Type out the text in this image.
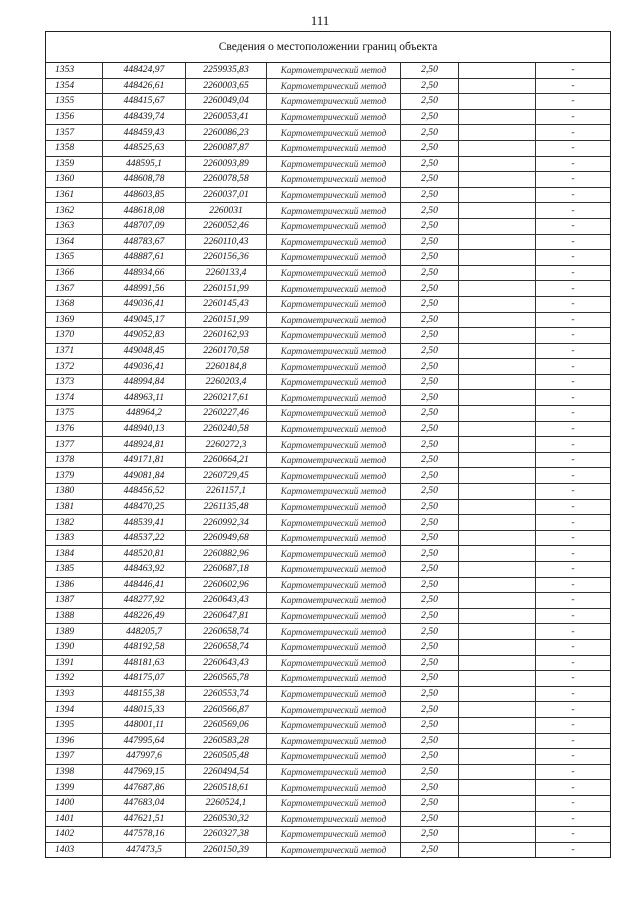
111
Сведения о местоположении границ объекта
1353	448424,97	2259935,83	Картометрический метод	2,50		-
1354	448426,61	2260003,65	Картометрический метод	2,50		-
1355	448415,67	2260049,04	Картометрический метод	2,50		-
1356	448439,74	2260053,41	Картометрический метод	2,50		-
1357	448459,43	2260086,23	Картометрический метод	2,50		-
1358	448525,63	2260087,87	Картометрический метод	2,50		-
1359	448595,1	2260093,89	Картометрический метод	2,50		-
1360	448608,78	2260078,58	Картометрический метод	2,50		-
1361	448603,85	2260037,01	Картометрический метод	2,50		-
1362	448618,08	2260031	Картометрический метод	2,50		-
1363	448707,09	2260052,46	Картометрический метод	2,50		-
1364	448783,67	2260110,43	Картометрический метод	2,50		-
1365	448887,61	2260156,36	Картометрический метод	2,50		-
1366	448934,66	2260133,4	Картометрический метод	2,50		-
1367	448991,56	2260151,99	Картометрический метод	2,50		-
1368	449036,41	2260145,43	Картометрический метод	2,50		-
1369	449045,17	2260151,99	Картометрический метод	2,50		-
1370	449052,83	2260162,93	Картометрический метод	2,50		-
1371	449048,45	2260170,58	Картометрический метод	2,50		-
1372	449036,41	2260184,8	Картометрический метод	2,50		-
1373	448994,84	2260203,4	Картометрический метод	2,50		-
1374	448963,11	2260217,61	Картометрический метод	2,50		-
1375	448964,2	2260227,46	Картометрический метод	2,50		-
1376	448940,13	2260240,58	Картометрический метод	2,50		-
1377	448924,81	2260272,3	Картометрический метод	2,50		-
1378	449171,81	2260664,21	Картометрический метод	2,50		-
1379	449081,84	2260729,45	Картометрический метод	2,50		-
1380	448456,52	2261157,1	Картометрический метод	2,50		-
1381	448470,25	2261135,48	Картометрический метод	2,50		-
1382	448539,41	2260992,34	Картометрический метод	2,50		-
1383	448537,22	2260949,68	Картометрический метод	2,50		-
1384	448520,81	2260882,96	Картометрический метод	2,50		-
1385	448463,92	2260687,18	Картометрический метод	2,50		-
1386	448446,41	2260602,96	Картометрический метод	2,50		-
1387	448277,92	2260643,43	Картометрический метод	2,50		-
1388	448226,49	2260647,81	Картометрический метод	2,50		-
1389	448205,7	2260658,74	Картометрический метод	2,50		-
1390	448192,58	2260658,74	Картометрический метод	2,50		-
1391	448181,63	2260643,43	Картометрический метод	2,50		-
1392	448175,07	2260565,78	Картометрический метод	2,50		-
1393	448155,38	2260553,74	Картометрический метод	2,50		-
1394	448015,33	2260566,87	Картометрический метод	2,50		-
1395	448001,11	2260569,06	Картометрический метод	2,50		-
1396	447995,64	2260583,28	Картометрический метод	2,50		-
1397	447997,6	2260505,48	Картометрический метод	2,50		-
1398	447969,15	2260494,54	Картометрический метод	2,50		-
1399	447687,86	2260518,61	Картометрический метод	2,50		-
1400	447683,04	2260524,1	Картометрический метод	2,50		-
1401	447621,51	2260530,32	Картометрический метод	2,50		-
1402	447578,16	2260327,38	Картометрический метод	2,50		-
1403	447473,5	2260150,39	Картометрический метод	2,50		-
